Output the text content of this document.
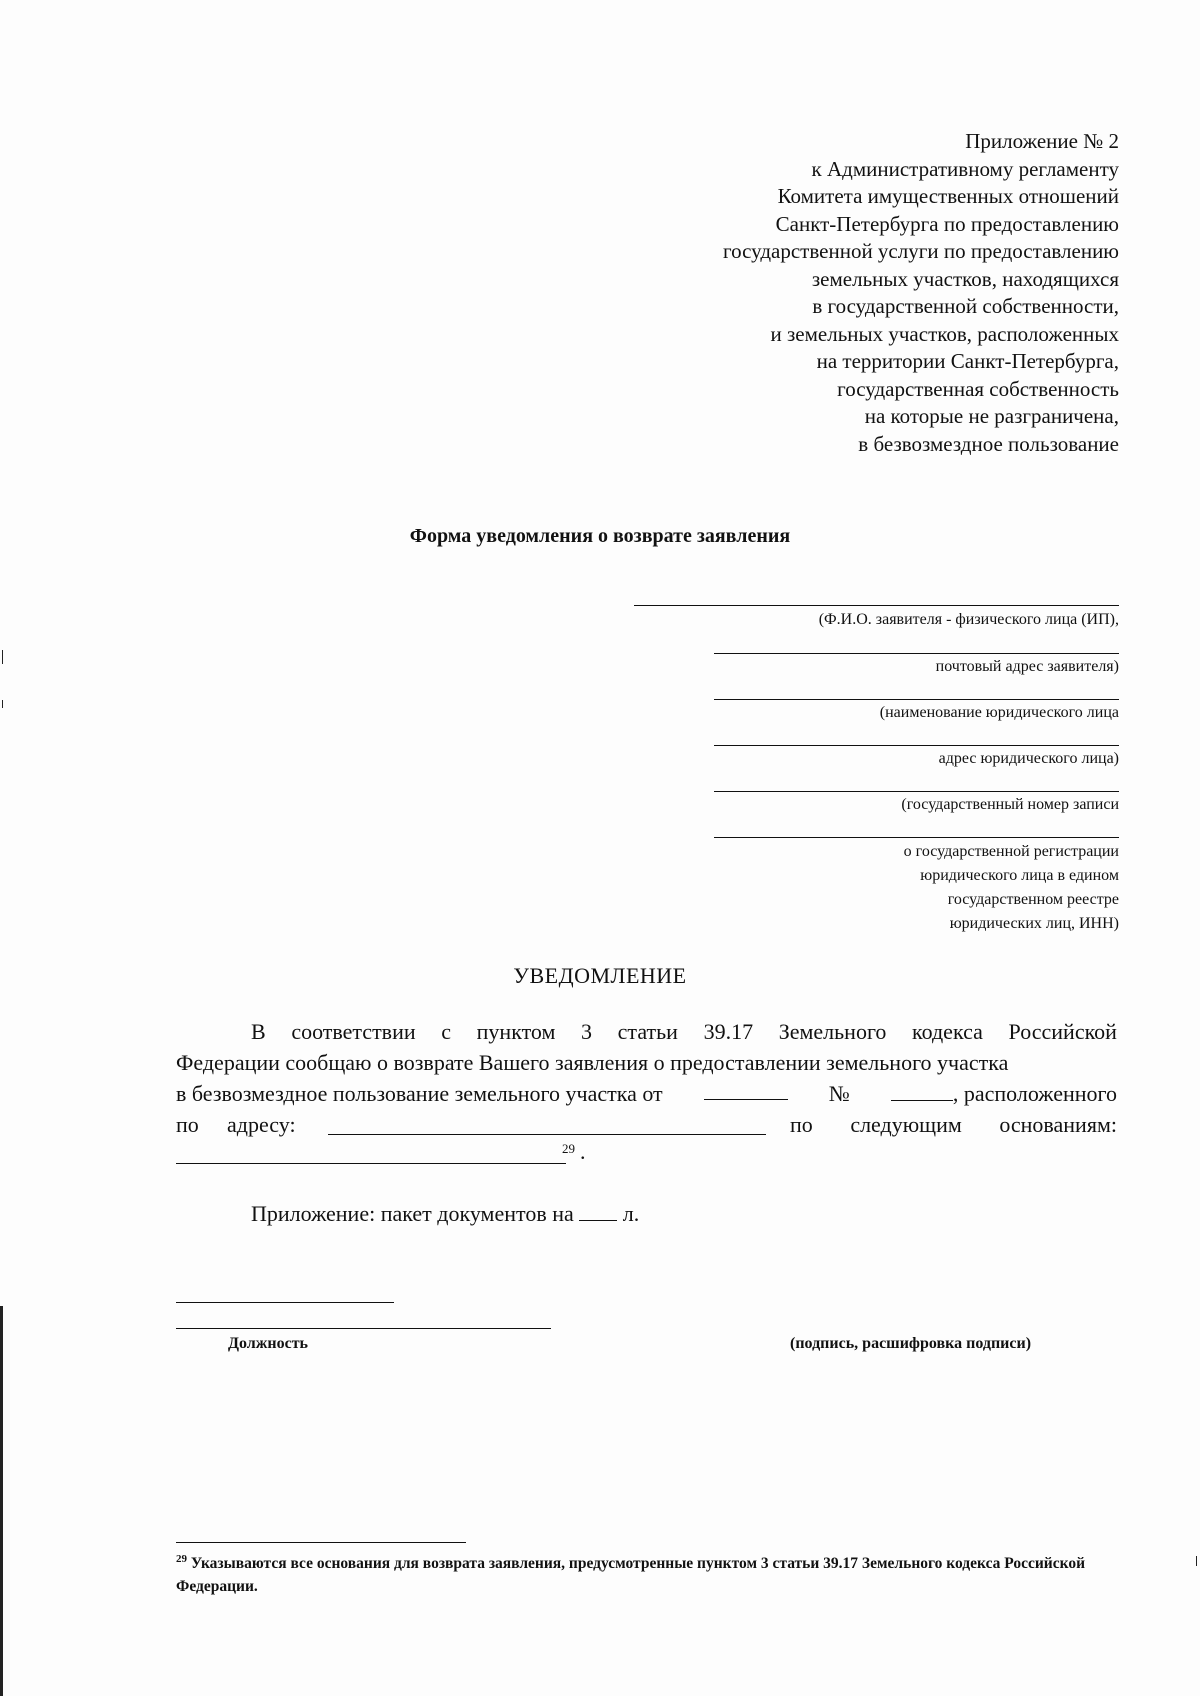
Приложение № 2
к Административному регламенту
Комитета имущественных отношений
Санкт-Петербурга по предоставлению
государственной услуги по предоставлению
земельных участков, находящихся
в государственной собственности,
и земельных участков, расположенных
на территории Санкт-Петербурга,
государственная собственность
на которые не разграничена,
в безвозмездное пользование
Форма уведомления о возврате заявления
(Ф.И.О. заявителя - физического лица (ИП),
почтовый адрес заявителя)
(наименование юридического лица
адрес юридического лица)
(государственный номер записи
о государственной регистрации
юридического лица в едином
государственном реестре
юридических лиц, ИНН)
УВЕДОМЛЕНИЕ
В соответствии с пунктом 3 статьи 39.17 Земельного кодекса Российской
Федерации сообщаю о возврате Вашего заявления о предоставлении земельного участка
в безвозмездное пользование земельного участка от	№	, расположенного
по адресу:	по следующим основаниям:
29 .
Приложение: пакет документов на л.
Должность	(подпись, расшифровка подписи)
$^{29}$ Указываются все основания для возврата заявления, предусмотренные пунктом 3 статьи 39.17 Земельного кодекса Российской Федерации.
